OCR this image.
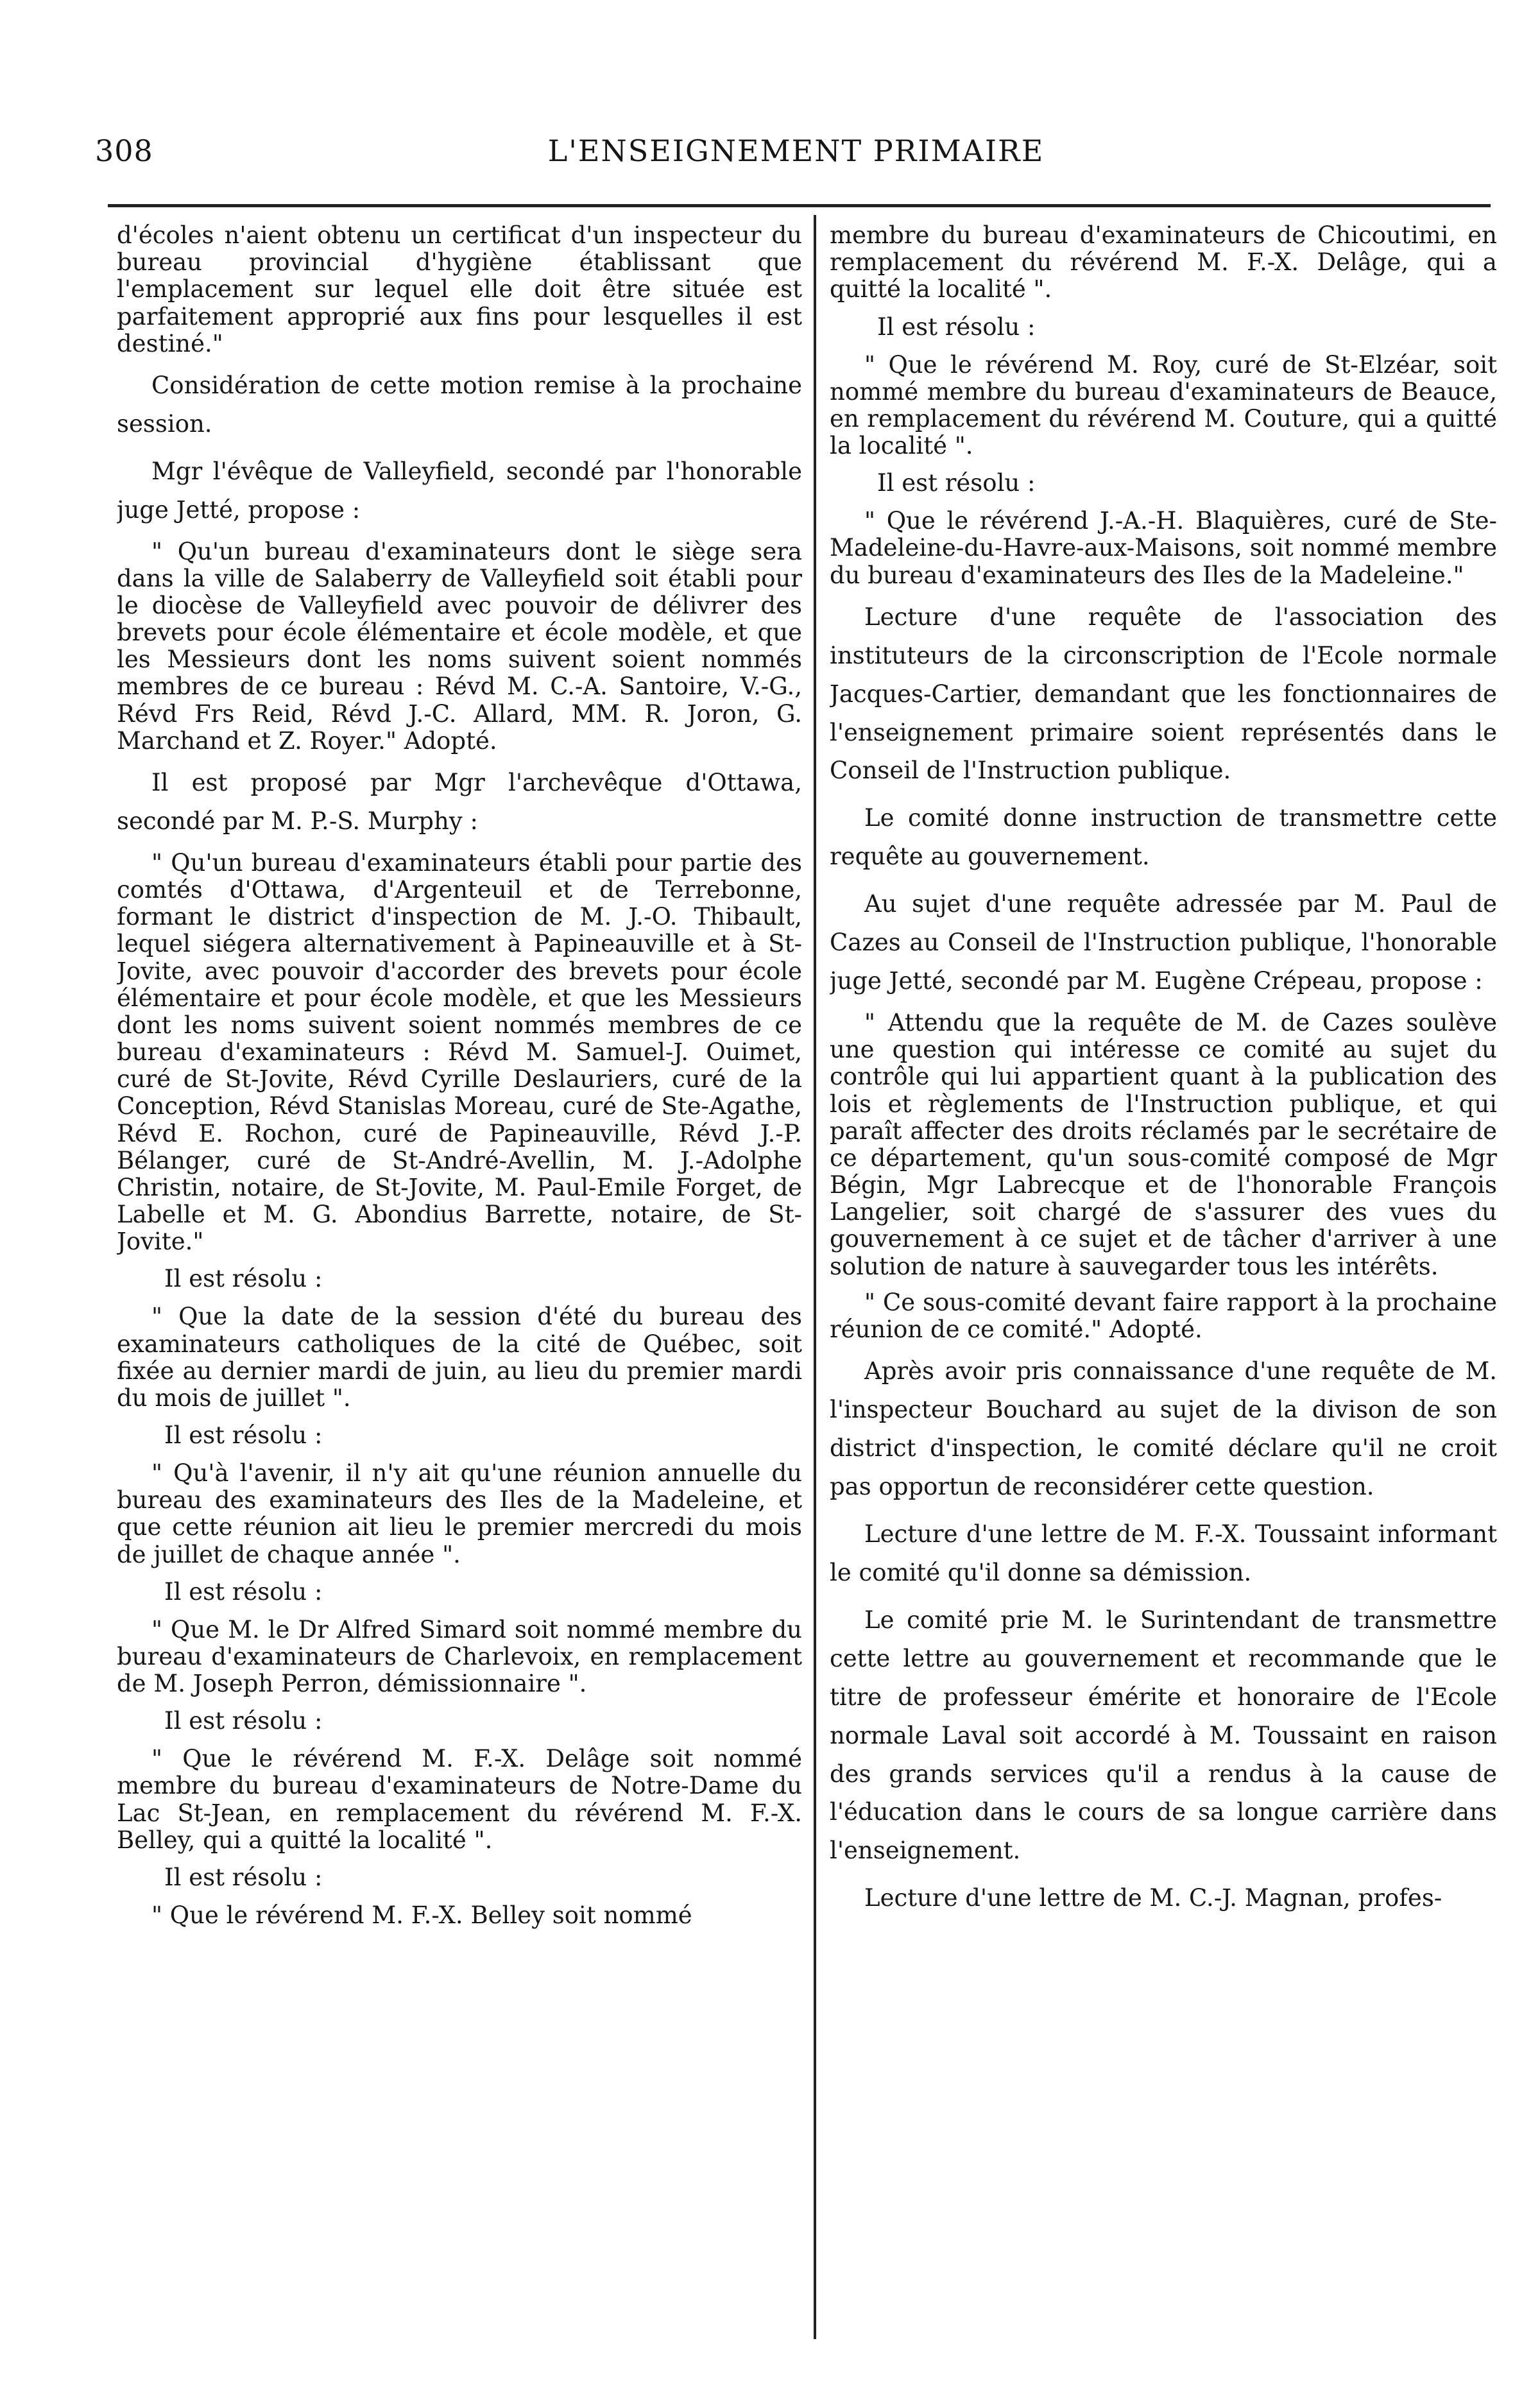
308	L'ENSEIGNEMENT PRIMAIRE

d'écoles n'aient obtenu un certificat d'un inspecteur du bureau provincial d'hygiène établissant que l'emplacement sur lequel elle doit être située est parfaitement approprié aux fins pour lesquelles il est destiné."

Considération de cette motion remise à la prochaine session.

Mgr l'évêque de Valleyfield, secondé par l'honorable juge Jetté, propose :

" Qu'un bureau d'examinateurs dont le siège sera dans la ville de Salaberry de Valleyfield soit établi pour le diocèse de Valleyfield avec pouvoir de délivrer des brevets pour école élémentaire et école modèle, et que les Messieurs dont les noms suivent soient nommés membres de ce bureau : Révd M. C.-A. Santoire, V.-G., Révd Frs Reid, Révd J.-C. Allard, MM. R. Joron, G. Marchand et Z. Royer." Adopté.

Il est proposé par Mgr l'archevêque d'Ottawa, secondé par M. P.-S. Murphy :

" Qu'un bureau d'examinateurs établi pour partie des comtés d'Ottawa, d'Argenteuil et de Terrebonne, formant le district d'inspection de M. J.-O. Thibault, lequel siégera alternativement à Papineauville et à St-Jovite, avec pouvoir d'accorder des brevets pour école élémentaire et pour école modèle, et que les Messieurs dont les noms suivent soient nommés membres de ce bureau d'examinateurs : Révd M. Samuel-J. Ouimet, curé de St-Jovite, Révd Cyrille Deslauriers, curé de la Conception, Révd Stanislas Moreau, curé de Ste-Agathe, Révd E. Rochon, curé de Papineauville, Révd J.-P. Bélanger, curé de St-André-Avellin, M. J.-Adolphe Christin, notaire, de St-Jovite, M. Paul-Emile Forget, de Labelle et M. G. Abondius Barrette, notaire, de St-Jovite."

Il est résolu :

" Que la date de la session d'été du bureau des examinateurs catholiques de la cité de Québec, soit fixée au dernier mardi de juin, au lieu du premier mardi du mois de juillet ".

Il est résolu :

" Qu'à l'avenir, il n'y ait qu'une réunion annuelle du bureau des examinateurs des Iles de la Madeleine, et que cette réunion ait lieu le premier mercredi du mois de juillet de chaque année ".

Il est résolu :

" Que M. le Dr Alfred Simard soit nommé membre du bureau d'examinateurs de Charlevoix, en remplacement de M. Joseph Perron, démissionnaire ".

Il est résolu :

" Que le révérend M. F.-X. Delâge soit nommé membre du bureau d'examinateurs de Notre-Dame du Lac St-Jean, en remplacement du révérend M. F.-X. Belley, qui a quitté la localité ".

Il est résolu :

" Que le révérend M. F.-X. Belley soit nommé

membre du bureau d'examinateurs de Chicoutimi, en remplacement du révérend M. F.-X. Delâge, qui a quitté la localité ".

Il est résolu :

" Que le révérend M. Roy, curé de St-Elzéar, soit nommé membre du bureau d'examinateurs de Beauce, en remplacement du révérend M. Couture, qui a quitté la localité ".

Il est résolu :

" Que le révérend J.-A.-H. Blaquières, curé de Ste-Madeleine-du-Havre-aux-Maisons, soit nommé membre du bureau d'examinateurs des Iles de la Madeleine."

Lecture d'une requête de l'association des instituteurs de la circonscription de l'Ecole normale Jacques-Cartier, demandant que les fonctionnaires de l'enseignement primaire soient représentés dans le Conseil de l'Instruction publique.

Le comité donne instruction de transmettre cette requête au gouvernement.

Au sujet d'une requête adressée par M. Paul de Cazes au Conseil de l'Instruction publique, l'honorable juge Jetté, secondé par M. Eugène Crépeau, propose :

" Attendu que la requête de M. de Cazes soulève une question qui intéresse ce comité au sujet du contrôle qui lui appartient quant à la publication des lois et règlements de l'Instruction publique, et qui paraît affecter des droits réclamés par le secrétaire de ce département, qu'un sous-comité composé de Mgr Bégin, Mgr Labrecque et de l'honorable François Langelier, soit chargé de s'assurer des vues du gouvernement à ce sujet et de tâcher d'arriver à une solution de nature à sauvegarder tous les intérêts.

" Ce sous-comité devant faire rapport à la prochaine réunion de ce comité." Adopté.

Après avoir pris connaissance d'une requête de M. l'inspecteur Bouchard au sujet de la divison de son district d'inspection, le comité déclare qu'il ne croit pas opportun de reconsidérer cette question.

Lecture d'une lettre de M. F.-X. Toussaint informant le comité qu'il donne sa démission.

Le comité prie M. le Surintendant de transmettre cette lettre au gouvernement et recommande que le titre de professeur émérite et honoraire de l'Ecole normale Laval soit accordé à M. Toussaint en raison des grands services qu'il a rendus à la cause de l'éducation dans le cours de sa longue carrière dans l'enseignement.

Lecture d'une lettre de M. C.-J. Magnan, profes-
